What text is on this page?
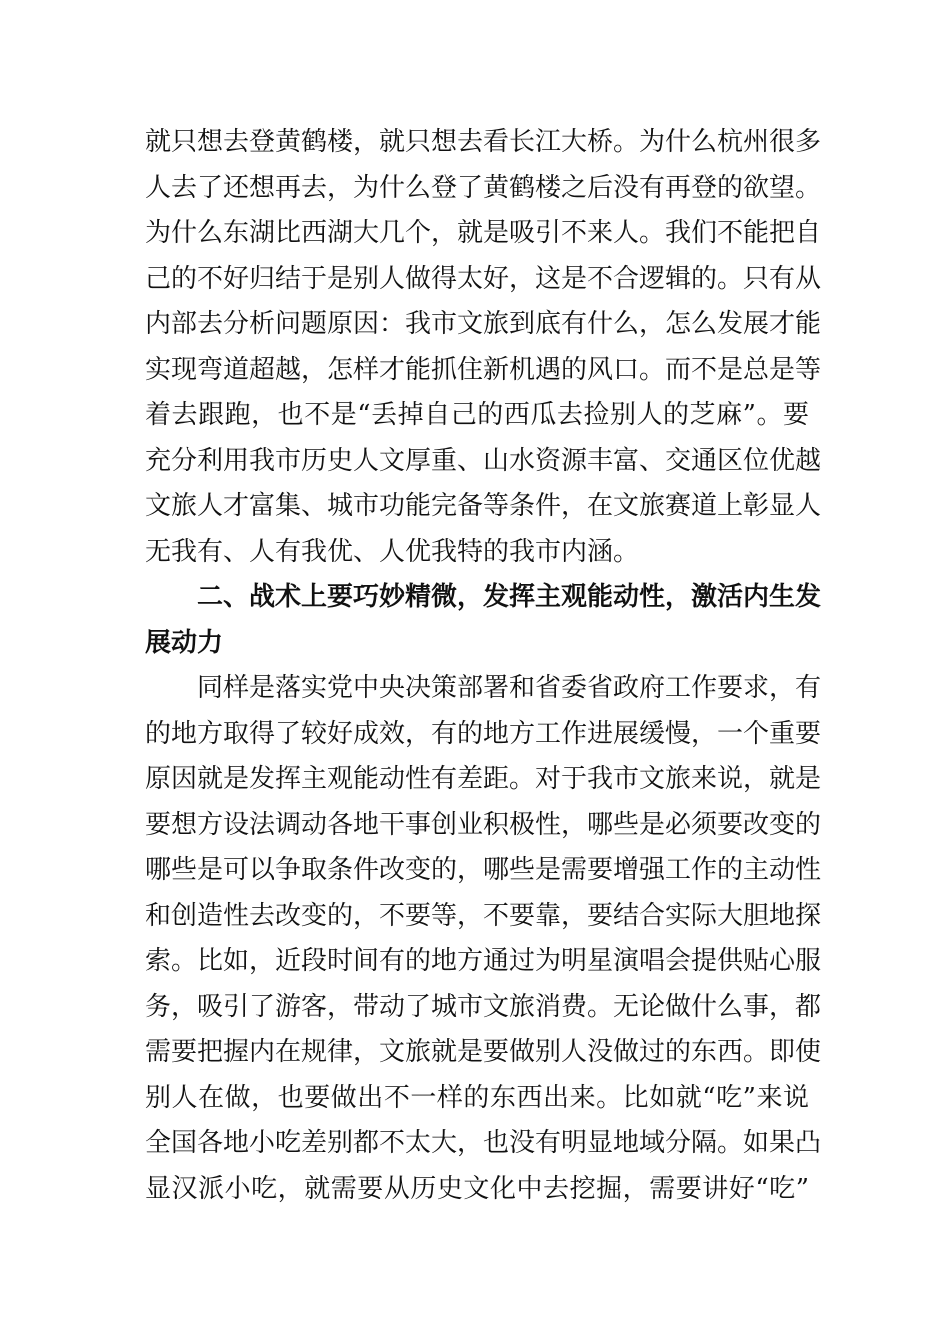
就只想去登黄鹤楼，就只想去看长江大桥。为什么杭州很多
人去了还想再去，为什么登了黄鹤楼之后没有再登的欲望。
为什么东湖比西湖大几个，就是吸引不来人。我们不能把自
己的不好归结于是别人做得太好，这是不合逻辑的。只有从
内部去分析问题原因：我市文旅到底有什么，怎么发展才能
实现弯道超越，怎样才能抓住新机遇的风口。而不是总是等
着去跟跑，也不是“丢掉自己的西瓜去捡别人的芝麻”。要
充分利用我市历史人文厚重、山水资源丰富、交通区位优越
文旅人才富集、城市功能完备等条件，在文旅赛道上彰显人
无我有、人有我优、人优我特的我市内涵。
二、战术上要巧妙精微，发挥主观能动性，激活内生发
展动力
同样是落实党中央决策部署和省委省政府工作要求，有
的地方取得了较好成效，有的地方工作进展缓慢，一个重要
原因就是发挥主观能动性有差距。对于我市文旅来说，就是
要想方设法调动各地干事创业积极性，哪些是必须要改变的
哪些是可以争取条件改变的，哪些是需要增强工作的主动性
和创造性去改变的，不要等，不要靠，要结合实际大胆地探
索。比如，近段时间有的地方通过为明星演唱会提供贴心服
务，吸引了游客，带动了城市文旅消费。无论做什么事，都
需要把握内在规律，文旅就是要做别人没做过的东西。即使
别人在做，也要做出不一样的东西出来。比如就“吃”来说
全国各地小吃差别都不太大，也没有明显地域分隔。如果凸
显汉派小吃，就需要从历史文化中去挖掘，需要讲好“吃”
